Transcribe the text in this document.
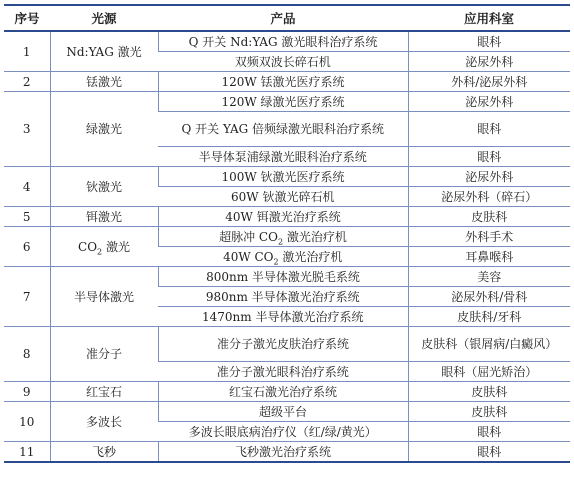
序号	光源	产品	应用科室
1	Nd:YAG 激光	Q 开关 Nd:YAG 激光眼科治疗系统	眼科
		双频双波长碎石机	泌尿外科
2	铥激光	120W 铥激光医疗系统	外科/泌尿外科
3	绿激光	120W 绿激光医疗系统	泌尿外科
		Q 开关 YAG 倍频绿激光眼科治疗系统	眼科
		半导体泵浦绿激光眼科治疗系统	眼科
4	钬激光	100W 钬激光医疗系统	泌尿外科
		60W 钬激光碎石机	泌尿外科（碎石）
5	铒激光	40W 铒激光治疗系统	皮肤科
6	$CO_2$ 激光	超脉冲 $CO_2$ 激光治疗机	外科手术
		40W $CO_2$ 激光治疗机	耳鼻喉科
7	半导体激光	800nm 半导体激光脱毛系统	美容
		980nm 半导体激光治疗系统	泌尿外科/骨科
		1470nm 半导体激光治疗系统	皮肤科/牙科
8	准分子	准分子激光皮肤治疗系统	皮肤科（银屑病/白癜风）
		准分子激光眼科治疗系统	眼科（屈光矫治）
9	红宝石	红宝石激光治疗系统	皮肤科
10	多波长	超级平台	皮肤科
		多波长眼底病治疗仪（红/绿/黄光）	眼科
11	飞秒	飞秒激光治疗系统	眼科
